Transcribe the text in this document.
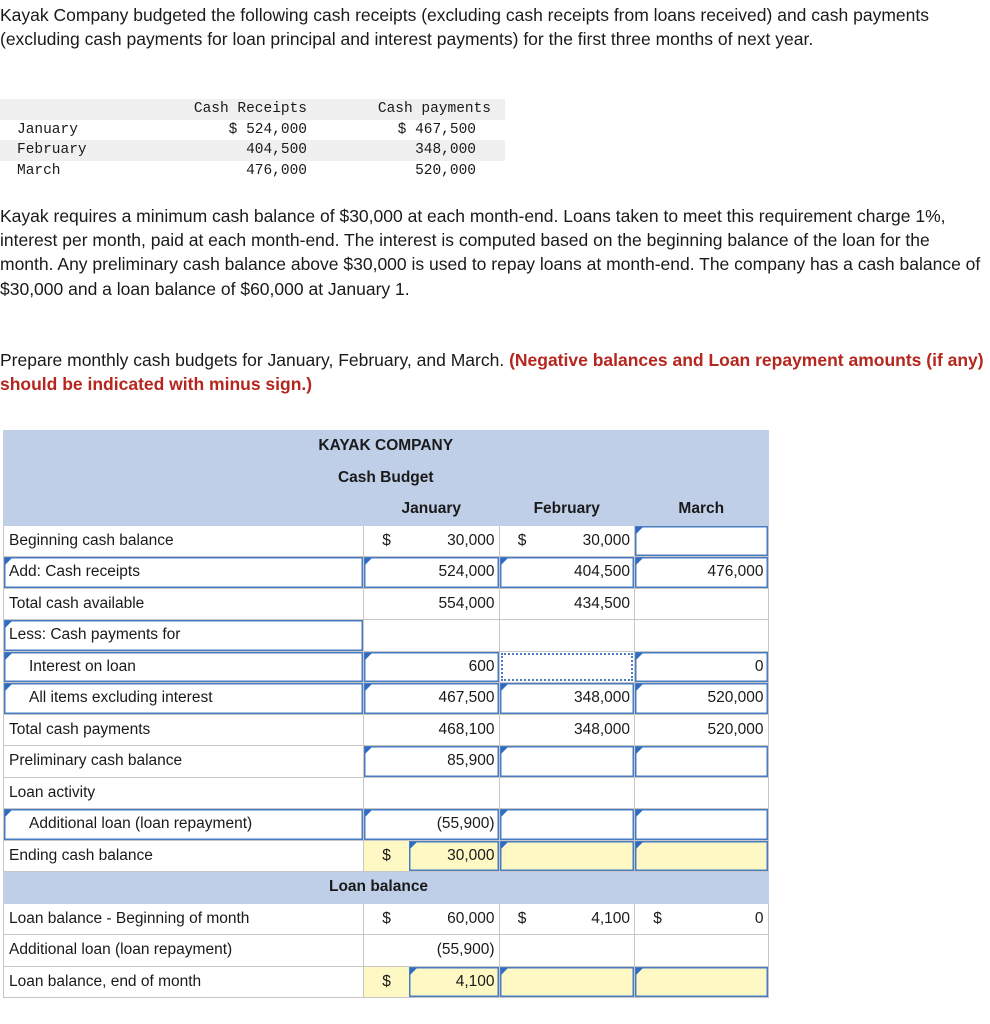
Kayak Company budgeted the following cash receipts (excluding cash receipts from loans received) and cash payments (excluding cash payments for loan principal and interest payments) for the first three months of next year.

	Cash Receipts	Cash payments
January	$ 524,000	$ 467,500
February	404,500	348,000
March	476,000	520,000

Kayak requires a minimum cash balance of $30,000 at each month-end. Loans taken to meet this requirement charge 1%, interest per month, paid at each month-end. The interest is computed based on the beginning balance of the loan for the month. Any preliminary cash balance above $30,000 is used to repay loans at month-end. The company has a cash balance of $30,000 and a loan balance of $60,000 at January 1.

Prepare monthly cash budgets for January, February, and March. (Negative balances and Loan repayment amounts (if any) should be indicated with minus sign.)

KAYAK COMPANY						
Cash Budget						
	January		February		March	
Beginning cash balance	$	30,000	$	30,000		
Add: Cash receipts	524,000		404,500		476,000	
Total cash available	554,000		434,500			
Less: Cash payments for						
Interest on loan	600				0	
All items excluding interest	467,500		348,000		520,000	
Total cash payments	468,100		348,000		520,000	
Preliminary cash balance	85,900					
Loan activity						
Additional loan (loan repayment)	(55,900)					
Ending cash balance	$	30,000				
	Loan balance					
Loan balance - Beginning of month	$	60,000	$	4,100	$	0
Additional loan (loan repayment)	(55,900)					
Loan balance, end of month	$	4,100				
